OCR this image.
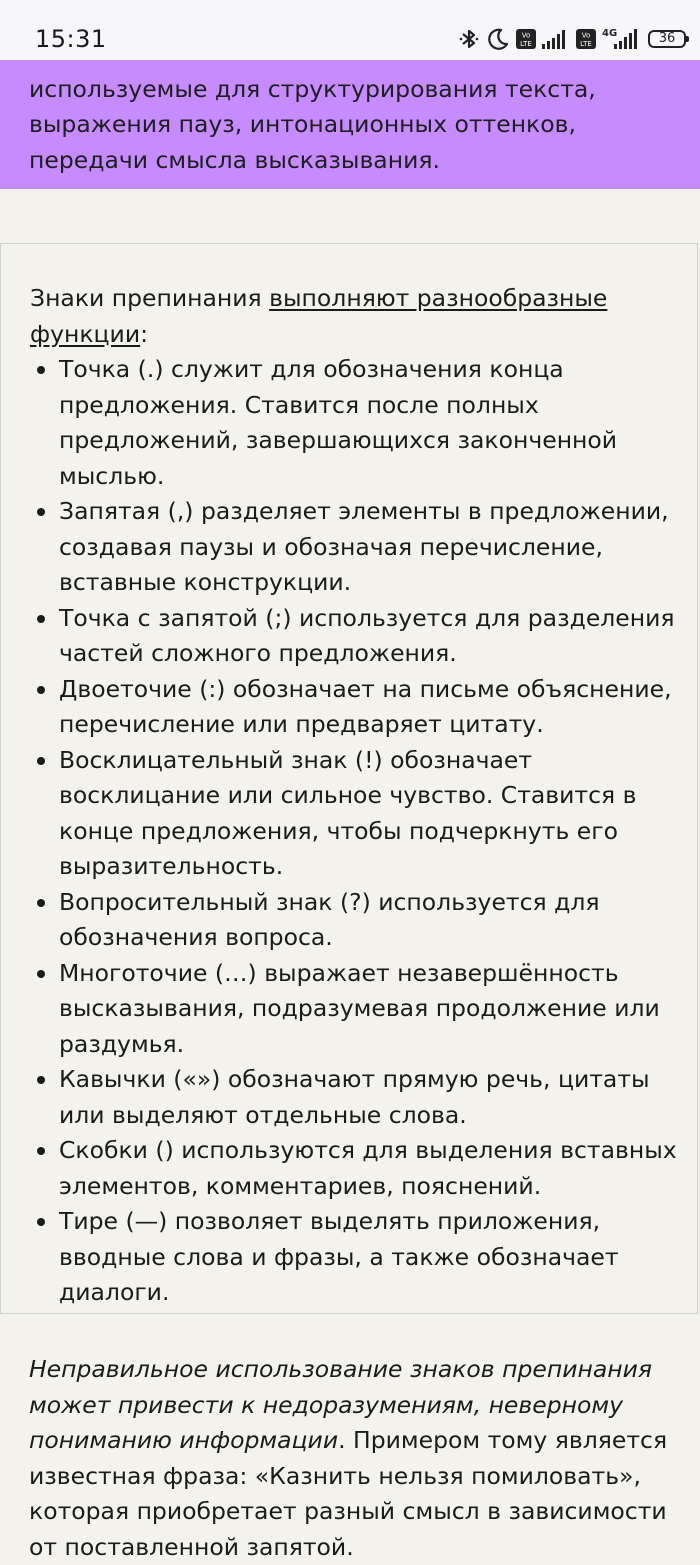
используемые для структурирования текста, выражения пауз, интонационных оттенков, передачи смысла высказывания.

15:31	Vo
LTE
Vo
LTE
4G	36

Знаки препинания выполняют разнообразные функции:

Точка (.) служит для обозначения конца предложения. Ставится после полных предложений, завершающихся законченной мыслью.
Запятая (,) разделяет элементы в предложении, создавая паузы и обозначая перечисление, вставные конструкции.
Точка с запятой (;) используется для разделения частей сложного предложения.
Двоеточие (:) обозначает на письме объяснение, перечисление или предваряет цитату.
Восклицательный знак (!) обозначает восклицание или сильное чувство. Ставится в конце предложения, чтобы подчеркнуть его выразительность.
Вопросительный знак (?) используется для обозначения вопроса.
Многоточие (…) выражает незавершённость высказывания, подразумевая продолжение или раздумья.
Кавычки («») обозначают прямую речь, цитаты или выделяют отдельные слова.
Скобки () используются для выделения вставных элементов, комментариев, пояснений.
Тире (—) позволяет выделять приложения, вводные слова и фразы, а также обозначает диалоги.

Неправильное использование знаков препинания может привести к недоразумениям, неверному пониманию информации. Примером тому является известная фраза: «Казнить нельзя помиловать», которая приобретает разный смысл в зависимости от поставленной запятой.
